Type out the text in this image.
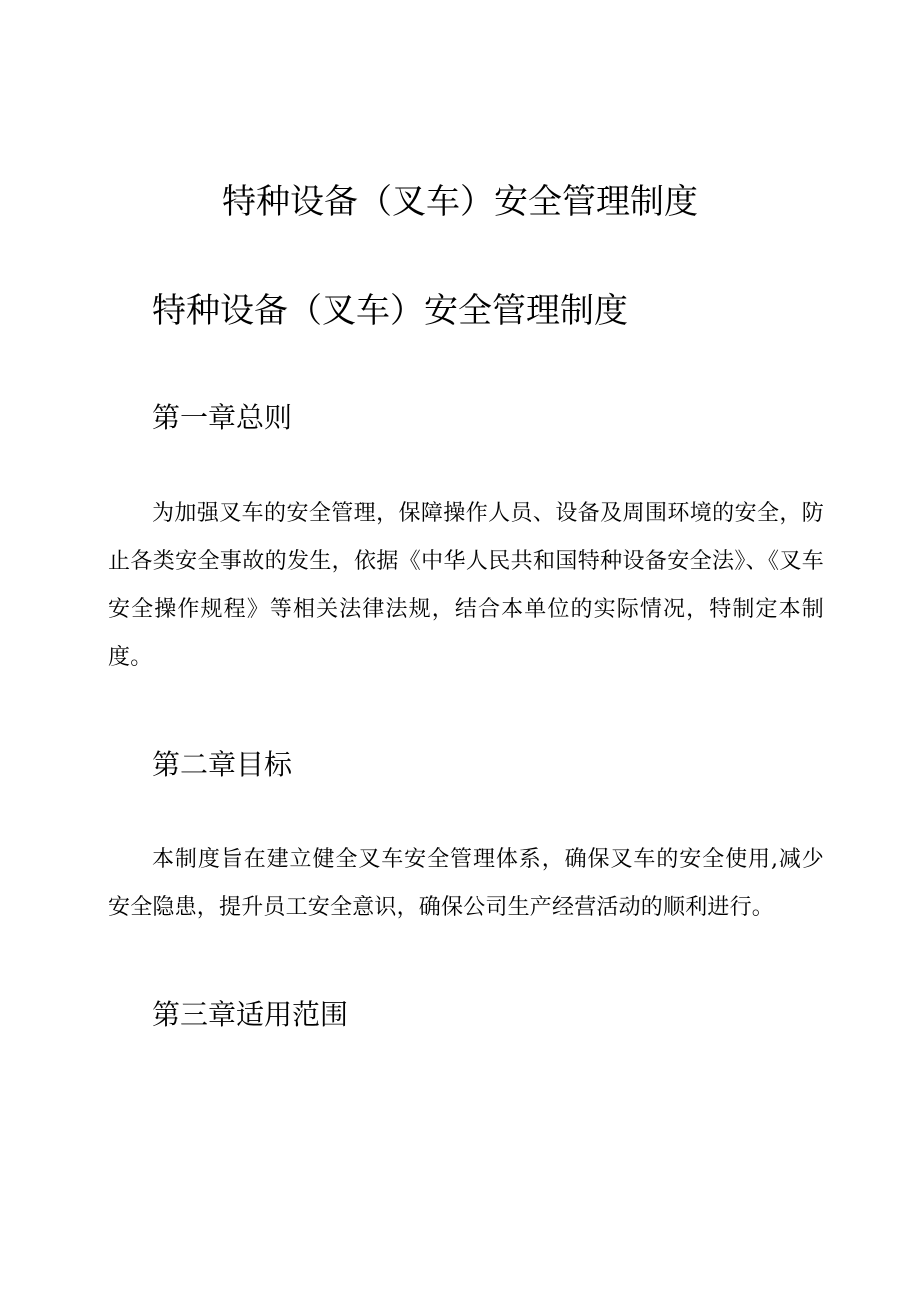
特种设备（叉车）安全管理制度
特种设备（叉车）安全管理制度
第一章总则

为加强叉车的安全管理，保障操作人员、设备及周围环境的安全，防止各类安全事故的发生，依据《中华人民共和国特种设备安全法》、《叉车安全操作规程》等相关法律法规，结合本单位的实际情况，特制定本制度。

第二章目标

本制度旨在建立健全叉车安全管理体系，确保叉车的安全使用,减少安全隐患，提升员工安全意识，确保公司生产经营活动的顺利进行。

第三章适用范围
